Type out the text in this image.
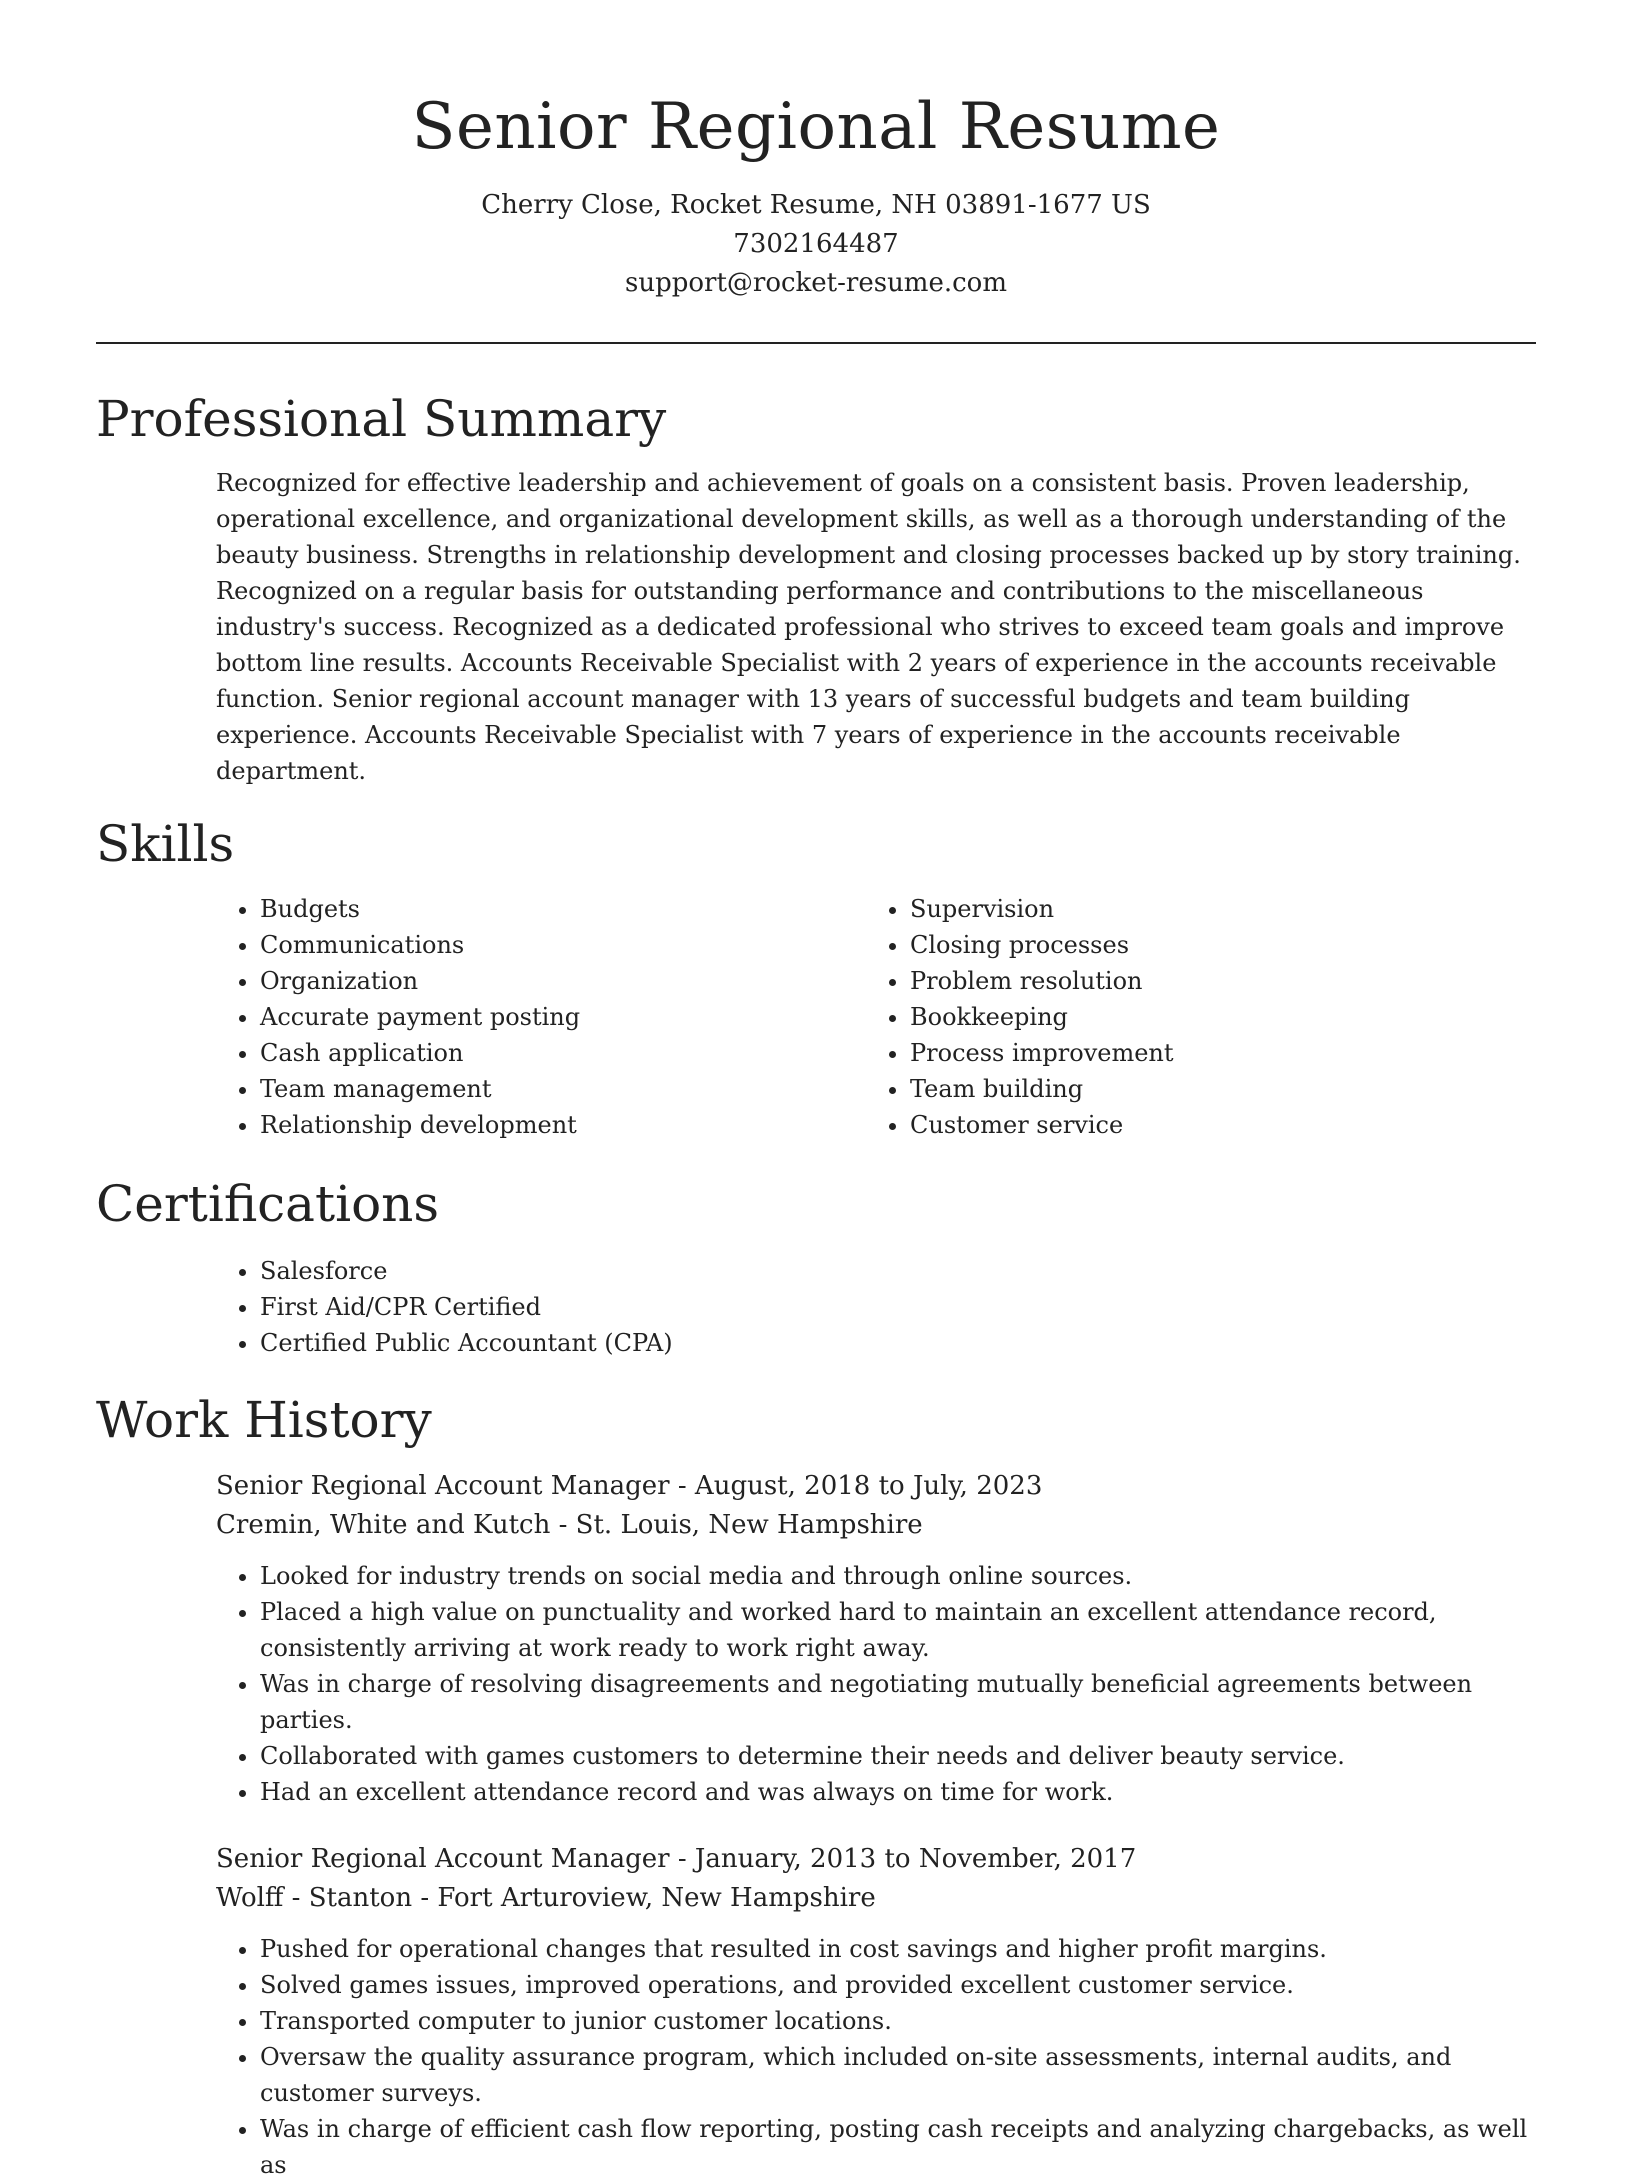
Senior Regional Resume
Cherry Close, Rocket Resume, NH 03891-1677 US
7302164487
support@rocket-resume.com
Professional Summary

Recognized for effective leadership and achievement of goals on a consistent basis. Proven leadership, operational excellence, and organizational development skills, as well as a thorough understanding of the beauty business. Strengths in relationship development and closing processes backed up by story training. Recognized on a regular basis for outstanding performance and contributions to the miscellaneous industry's success. Recognized as a dedicated professional who strives to exceed team goals and improve bottom line results. Accounts Receivable Specialist with 2 years of experience in the accounts receivable function. Senior regional account manager with 13 years of successful budgets and team building experience. Accounts Receivable Specialist with 7 years of experience in the accounts receivable department.

Skills
• Budgets
• Communications
• Organization
• Accurate payment posting
• Cash application
• Team management
• Relationship development
• Supervision
• Closing processes
• Problem resolution
• Bookkeeping
• Process improvement
• Team building
• Customer service
Certifications
• Salesforce
• First Aid/CPR Certified
• Certified Public Accountant (CPA)
Work History
Senior Regional Account Manager - August, 2018 to July, 2023
Cremin, White and Kutch - St. Louis, New Hampshire
• Looked for industry trends on social media and through online sources.
• Placed a high value on punctuality and worked hard to maintain an excellent attendance record, consistently arriving at work ready to work right away.
• Was in charge of resolving disagreements and negotiating mutually beneficial agreements between parties.
• Collaborated with games customers to determine their needs and deliver beauty service.
• Had an excellent attendance record and was always on time for work.
Senior Regional Account Manager - January, 2013 to November, 2017
Wolff - Stanton - Fort Arturoview, New Hampshire
• Pushed for operational changes that resulted in cost savings and higher profit margins.
• Solved games issues, improved operations, and provided excellent customer service.
• Transported computer to junior customer locations.
• Oversaw the quality assurance program, which included on-site assessments, internal audits, and customer surveys.
• Was in charge of efficient cash flow reporting, posting cash receipts and analyzing chargebacks, as well as
